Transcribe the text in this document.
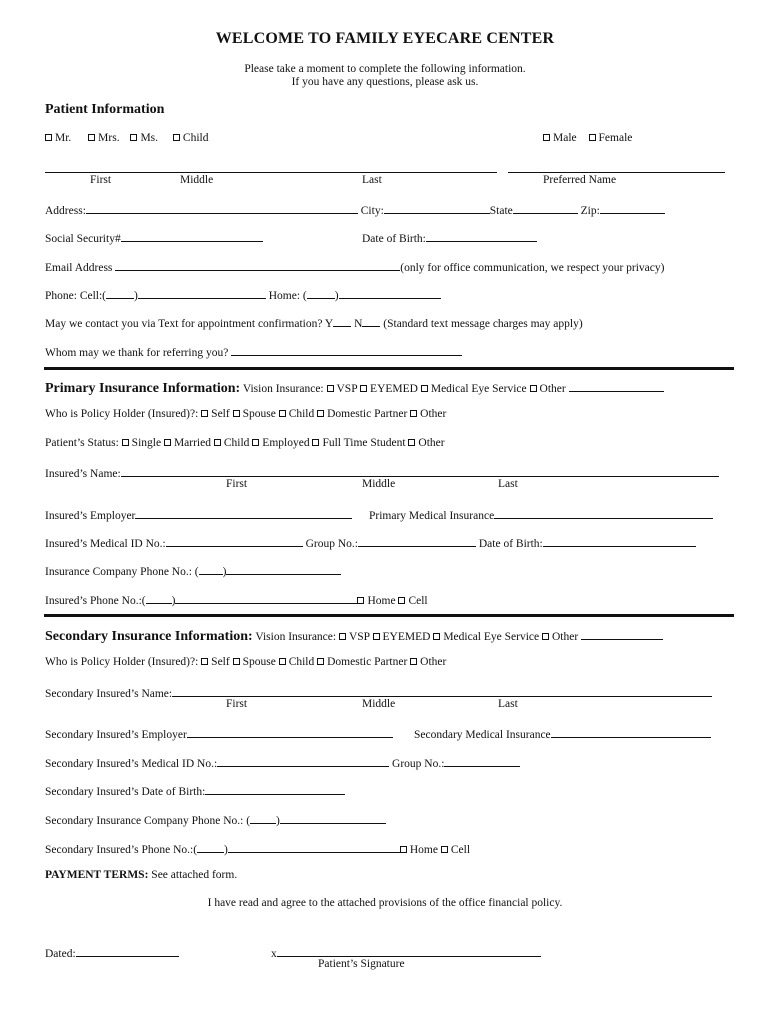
WELCOME TO FAMILY EYECARE CENTER
Please take a moment to complete the following information.
If you have any questions, please ask us.
Patient Information
Mr. Mrs. Ms. Child	Male Female
First	Middle	Last	Preferred Name
Address:	City:	State	Zip:
Social Security#	Date of Birth:
Email Address	(only for office communication, we respect your privacy)
Phone: Cell:( )	Home: ( )
May we contact you via Text for appointment confirmation? Y N (Standard text message charges may apply)
Whom may we thank for referring you?
Primary Insurance Information: Vision Insurance: VSP EYEMED Medical Eye Service Other
Who is Policy Holder (Insured)?: Self Spouse Child Domestic Partner Other
Patient’s Status: Single Married Child Employed Full Time Student Other
Insured’s Name:
First	Middle	Last
Insured’s Employer	Primary Medical Insurance
Insured’s Medical ID No.:	Group No.:	Date of Birth:
Insurance Company Phone No.: ( )
Insured’s Phone No.:( )	Home Cell
Secondary Insurance Information: Vision Insurance: VSP EYEMED Medical Eye Service Other
Who is Policy Holder (Insured)?: Self Spouse Child Domestic Partner Other
Secondary Insured’s Name:
First	Middle	Last
Secondary Insured’s Employer	Secondary Medical Insurance
Secondary Insured’s Medical ID No.:	Group No.:
Secondary Insured’s Date of Birth:
Secondary Insurance Company Phone No.: ( )
Secondary Insured’s Phone No.:( )	Home Cell
PAYMENT TERMS: See attached form.
I have read and agree to the attached provisions of the office financial policy.
Dated:	x
Patient’s Signature
